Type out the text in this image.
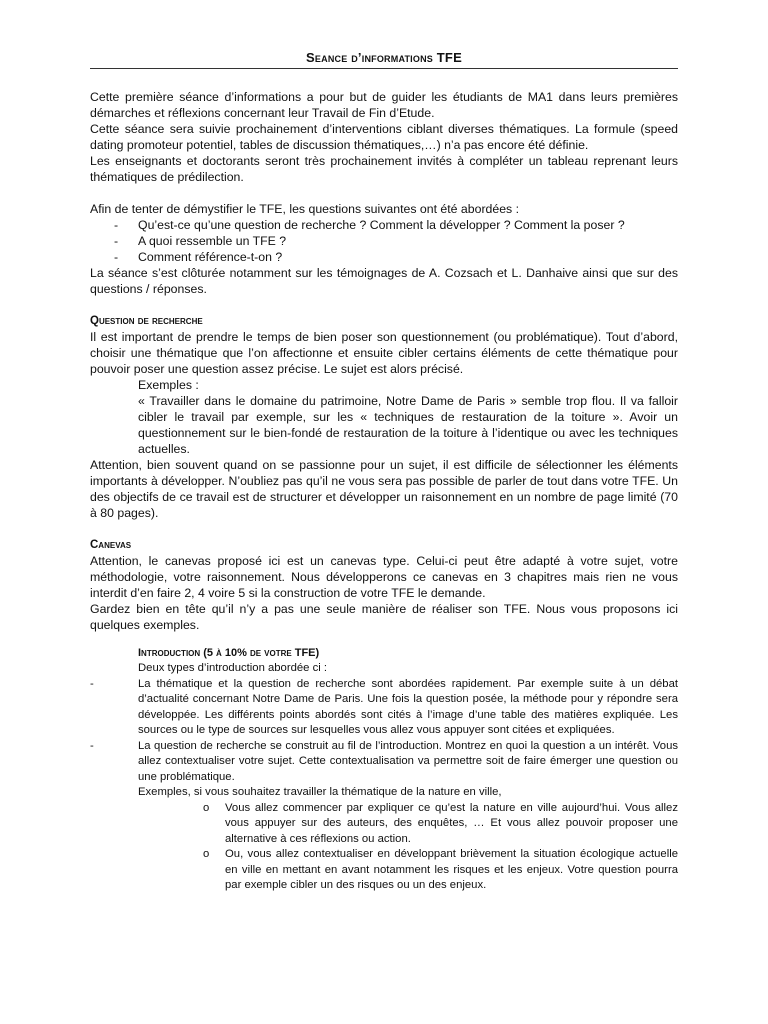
Seance d’informations TFE

Cette première séance d’informations a pour but de guider les étudiants de MA1 dans leurs premières démarches et réflexions concernant leur Travail de Fin d’Etude.

Cette séance sera suivie prochainement d’interventions ciblant diverses thématiques. La formule (speed dating promoteur potentiel, tables de discussion thématiques,…) n’a pas encore été définie.

Les enseignants et doctorants seront très prochainement invités à compléter un tableau reprenant leurs thématiques de prédilection.

Afin de tenter de démystifier le TFE, les questions suivantes ont été abordées :

- Qu’est-ce qu’une question de recherche ? Comment la développer ? Comment la poser ?
- A quoi ressemble un TFE ?
- Comment référence-t-on ?

La séance s’est clôturée notamment sur les témoignages de A. Cozsach et L. Danhaive ainsi que sur des questions / réponses.

Question de recherche

Il est important de prendre le temps de bien poser son questionnement (ou problématique). Tout d’abord, choisir une thématique que l’on affectionne et ensuite cibler certains éléments de cette thématique pour pouvoir poser une question assez précise. Le sujet est alors précisé.

Exemples :

« Travailler dans le domaine du patrimoine, Notre Dame de Paris » semble trop flou. Il va falloir cibler le travail par exemple, sur les « techniques de restauration de la toiture ». Avoir un questionnement sur le bien-fondé de restauration de la toiture à l’identique ou avec les techniques actuelles.

Attention, bien souvent quand on se passionne pour un sujet, il est difficile de sélectionner les éléments importants à développer. N’oubliez pas qu’il ne vous sera pas possible de parler de tout dans votre TFE. Un des objectifs de ce travail est de structurer et développer un raisonnement en un nombre de page limité (70 à 80 pages).

Canevas

Attention, le canevas proposé ici est un canevas type. Celui-ci peut être adapté à votre sujet, votre méthodologie, votre raisonnement. Nous développerons ce canevas en 3 chapitres mais rien ne vous interdit d’en faire 2, 4 voire 5 si la construction de votre TFE le demande.

Gardez bien en tête qu’il n’y a pas une seule manière de réaliser son TFE. Nous vous proposons ici quelques exemples.

Introduction (5 à 10% de votre TFE)

Deux types d’introduction abordée ci :

- La thématique et la question de recherche sont abordées rapidement. Par exemple suite à un débat d’actualité concernant Notre Dame de Paris. Une fois la question posée, la méthode pour y répondre sera développée. Les différents points abordés sont cités à l’image d’une table des matières expliquée. Les sources ou le type de sources sur lesquelles vous allez vous appuyer sont citées et expliquées.
- La question de recherche se construit au fil de l’introduction. Montrez en quoi la question a un intérêt. Vous allez contextualiser votre sujet. Cette contextualisation va permettre soit de faire émerger une question ou une problématique.

Exemples, si vous souhaitez travailler la thématique de la nature en ville,

o Vous allez commencer par expliquer ce qu’est la nature en ville aujourd’hui. Vous allez vous appuyer sur des auteurs, des enquêtes, … Et vous allez pouvoir proposer une alternative à ces réflexions ou action.
o Ou, vous allez contextualiser en développant brièvement la situation écologique actuelle en ville en mettant en avant notamment les risques et les enjeux. Votre question pourra par exemple cibler un des risques ou un des enjeux.
